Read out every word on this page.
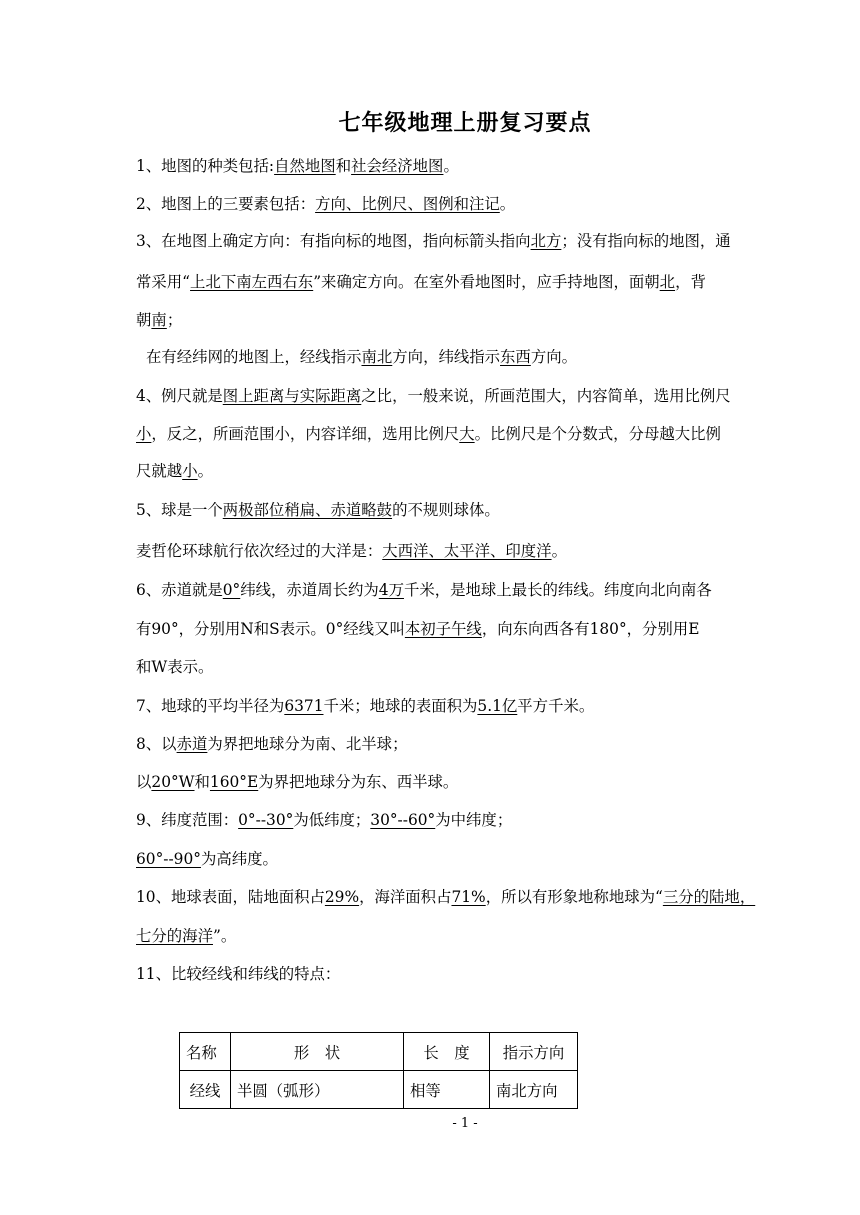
七年级地理上册复习要点
1、地图的种类包括:自然地图和社会经济地图。
2、地图上的三要素包括：方向、比例尺、图例和注记。
3、在地图上确定方向：有指向标的地图，指向标箭头指向北方；没有指向标的地图，通
常采用“上北下南左西右东”来确定方向。在室外看地图时，应手持地图，面朝北，背
朝南；
在有经纬网的地图上，经线指示南北方向，纬线指示东西方向。
4、例尺就是图上距离与实际距离之比，一般来说，所画范围大，内容简单，选用比例尺
小，反之，所画范围小，内容详细，选用比例尺大。比例尺是个分数式，分母越大比例
尺就越小。
5、球是一个两极部位稍扁、赤道略鼓的不规则球体。
麦哲伦环球航行依次经过的大洋是：大西洋、太平洋、印度洋。
6、赤道就是0°纬线，赤道周长约为4万千米，是地球上最长的纬线。纬度向北向南各
有90°，分别用N和S表示。0°经线又叫本初子午线，向东向西各有180°，分别用E
和W表示。
7、地球的平均半径为6371千米；地球的表面积为5.1亿平方千米。
8、以赤道为界把地球分为南、北半球；
以20°W和160°E为界把地球分为东、西半球。
9、纬度范围：0°--30°为低纬度；30°--60°为中纬度；
60°--90°为高纬度。
10、地球表面，陆地面积占29%，海洋面积占71%，所以有形象地称地球为“三分的陆地，
七分的海洋”。
11、比较经线和纬线的特点：
名称	形　状	长　度	指示方向
经线	半圆（弧形）	相等	南北方向
- 1 -
